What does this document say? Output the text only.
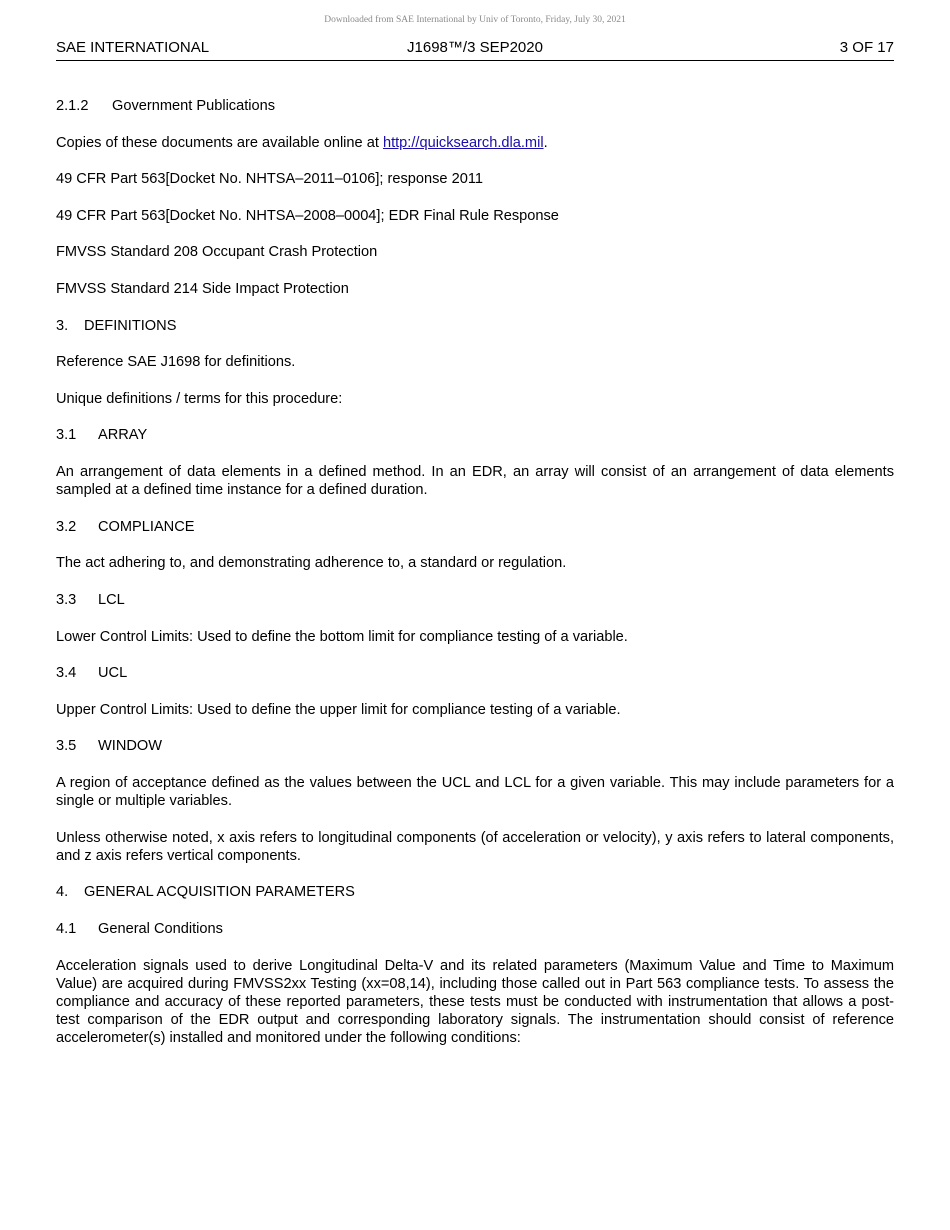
Downloaded from SAE International by Univ of Toronto, Friday, July 30, 2021
SAE INTERNATIONAL	J1698™/3 SEP2020	3 OF 17
2.1.2 Government Publications
Copies of these documents are available online at http://quicksearch.dla.mil.
49 CFR Part 563[Docket No. NHTSA–2011–0106]; response 2011
49 CFR Part 563[Docket No. NHTSA–2008–0004]; EDR Final Rule Response
FMVSS Standard 208 Occupant Crash Protection
FMVSS Standard 214 Side Impact Protection
3. DEFINITIONS
Reference SAE J1698 for definitions.
Unique definitions / terms for this procedure:
3.1 ARRAY
An arrangement of data elements in a defined method. In an EDR, an array will consist of an arrangement of data elements sampled at a defined time instance for a defined duration.
3.2 COMPLIANCE
The act adhering to, and demonstrating adherence to, a standard or regulation.
3.3 LCL
Lower Control Limits: Used to define the bottom limit for compliance testing of a variable.
3.4 UCL
Upper Control Limits: Used to define the upper limit for compliance testing of a variable.
3.5 WINDOW
A region of acceptance defined as the values between the UCL and LCL for a given variable. This may include parameters for a single or multiple variables.
Unless otherwise noted, x axis refers to longitudinal components (of acceleration or velocity), y axis refers to lateral components, and z axis refers vertical components.
4. GENERAL ACQUISITION PARAMETERS
4.1 General Conditions
Acceleration signals used to derive Longitudinal Delta-V and its related parameters (Maximum Value and Time to Maximum Value) are acquired during FMVSS2xx Testing (xx=08,14), including those called out in Part 563 compliance tests. To assess the compliance and accuracy of these reported parameters, these tests must be conducted with instrumentation that allows a post-test comparison of the EDR output and corresponding laboratory signals. The instrumentation should consist of reference accelerometer(s) installed and monitored under the following conditions:
